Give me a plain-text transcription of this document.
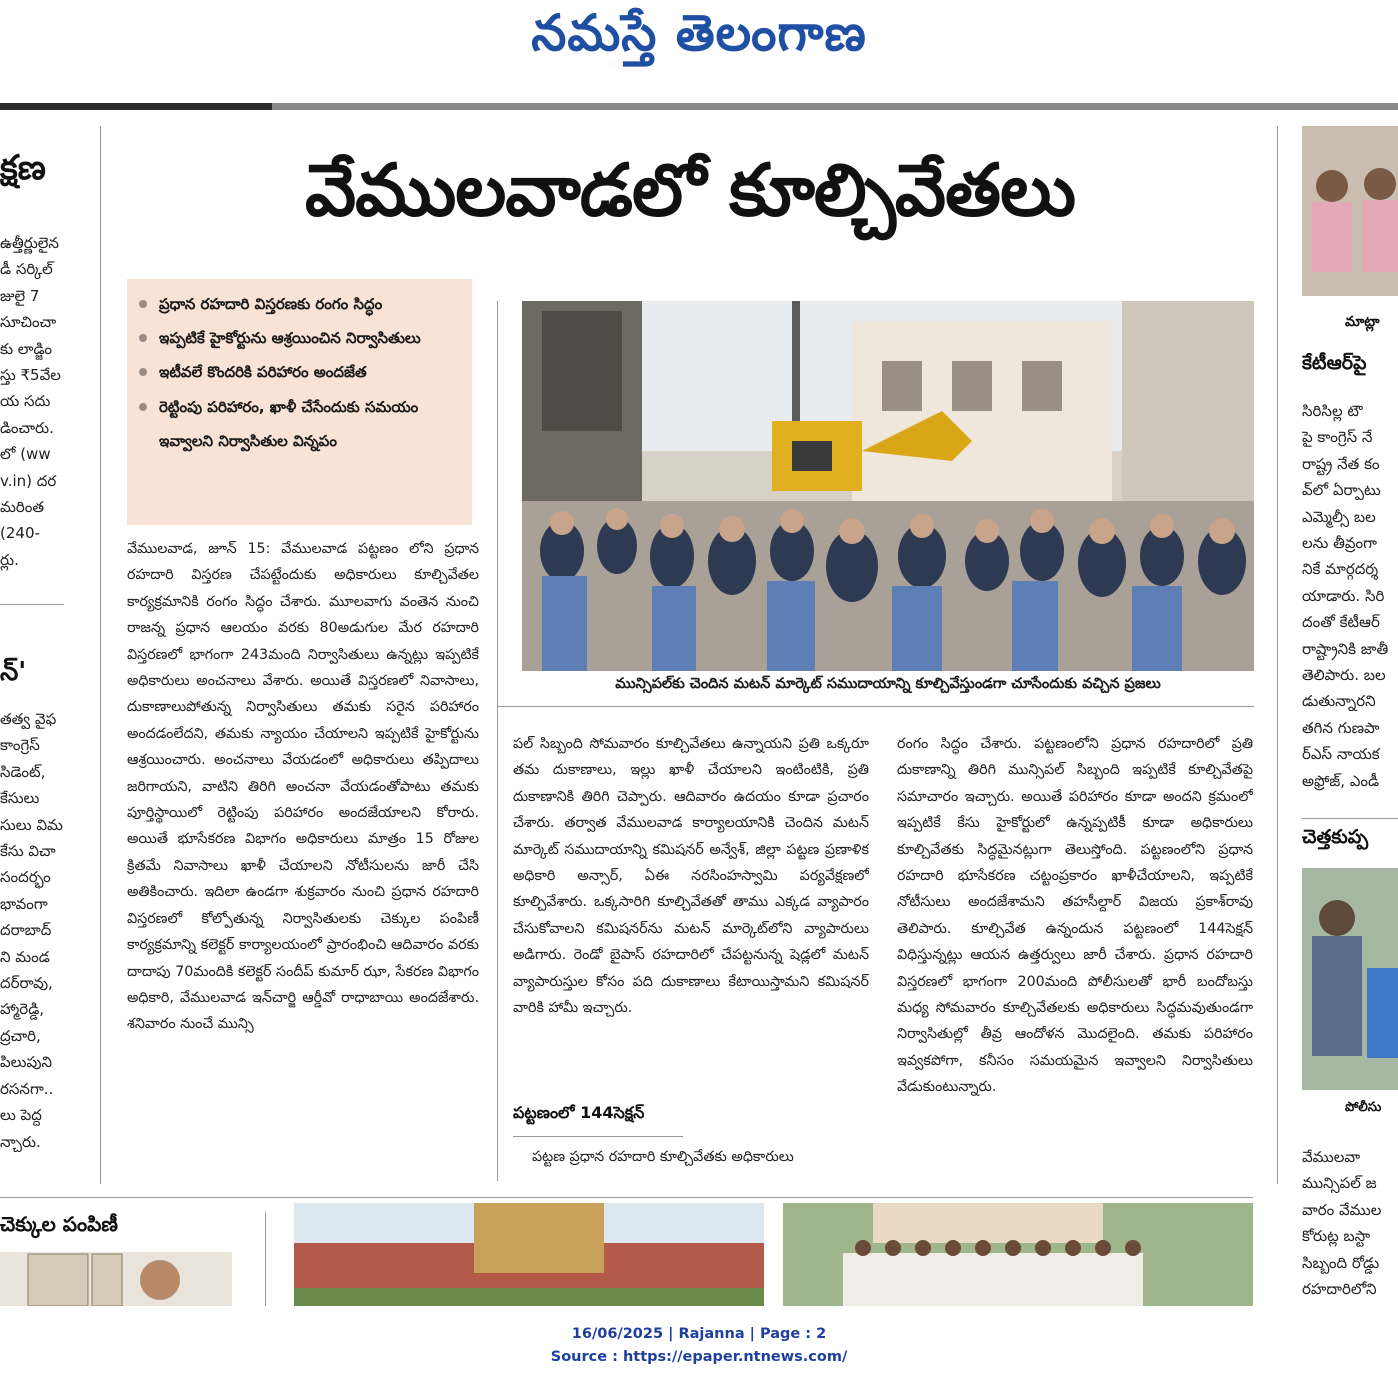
నమస్తే తెలంగాణ
క్షణ
ఉత్తీర్ణులైన
డీ సర్కిల్
జులై 7
సూచించా
కు లాడ్జిం
స్తు ₹5వేల
య సదు
డించారు.
లో (ww
v.in) దర
మరింత
(240-
ర్లు.
న్'
తత్వ వైఫ
కాంగ్రెస్
సిడెంట్,
కేసులు
సులు విమ
కేసు విచా
సందర్భం
భావంగా
దరాబాద్
ని మండ
దర్‌రావు,
హ్మారెడ్డి,
ద్రచారి,
పిలుపుని
రసనగా..
లు పెద్ద
న్చారు.
వేములవాడలో కూల్చివేతలు
ప్రధాన రహదారి విస్తరణకు రంగం సిద్ధం
ఇప్పటికే హైకోర్టును ఆశ్రయించిన నిర్వాసితులు
ఇటీవలే కొందరికి పరిహారం అందజేత
రెట్టింపు పరిహారం, ఖాళీ చేసేందుకు సమయం ఇవ్వాలని నిర్వాసితుల విన్నపం
మున్సిపల్‌కు చెందిన మటన్ మార్కెట్ సముదాయాన్ని కూల్చివేస్తుండగా చూసేందుకు వచ్చిన ప్రజలు

వేములవాడ, జూన్ 15: వేములవాడ పట్టణం లోని ప్రధాన రహదారి విస్తరణ చేపట్టేందుకు అధికారులు కూల్చివేతల కార్యక్రమానికి రంగం సిద్ధం చేశారు. మూలవాగు వంతెన నుంచి రాజన్న ప్రధాన ఆలయం వరకు 80అడుగుల మేర రహదారి విస్తరణలో భాగంగా 243మంది నిర్వాసితులు ఉన్నట్లు ఇప్పటికే అధికారులు అంచనాలు వేశారు. అయితే విస్తరణలో నివాసాలు, దుకాణాలుపోతున్న నిర్వాసితులు తమకు సరైన పరిహారం అందడంలేదని, తమకు న్యాయం చేయాలని ఇప్పటికే హైకోర్టును ఆశ్రయించారు. అంచనాలు వేయడంలో అధికారులు తప్పిదాలు జరిగాయని, వాటిని తిరిగి అంచనా వేయడంతోపాటు తమకు పూర్తిస్థాయిలో రెట్టింపు పరిహారం అందజేయాలని కోరారు. అయితే భూసేకరణ విభాగం అధికారులు మాత్రం 15 రోజుల క్రితమే నివాసాలు ఖాళీ చేయాలని నోటీసులను జారీ చేసి అతికించారు. ఇదిలా ఉండగా శుక్రవారం నుంచి ప్రధాన రహదారి విస్తరణలో కోల్పోతున్న నిర్వాసితులకు చెక్కుల పంపిణీ కార్యక్రమాన్ని కలెక్టర్ కార్యాలయంలో ప్రారంభించి ఆదివారం వరకు దాదాపు 70మందికి కలెక్టర్ సందీప్ కుమార్ ఝా, సేకరణ విభాగం అధికారి, వేములవాడ ఇన్‌చార్జి ఆర్డీవో రాధాబాయి అందజేశారు. శనివారం నుంచే మున్సి

పల్ సిబ్బంది సోమవారం కూల్చివేతలు ఉన్నాయని ప్రతి ఒక్కరూ తమ దుకాణాలు, ఇల్లు ఖాళీ చేయాలని ఇంటింటికి, ప్రతి దుకాణానికి తిరిగి చెప్పారు. ఆదివారం ఉదయం కూడా ప్రచారం చేశారు. తర్వాత వేములవాడ కార్యాలయానికి చెందిన మటన్ మార్కెట్ సముదాయాన్ని కమిషనర్ అన్వేశ్, జిల్లా పట్టణ ప్రణాళిక అధికారి అన్సార్, ఏఈ నరసింహస్వామి పర్యవేక్షణలో కూల్చివేశారు. ఒక్కసారిగి కూల్చివేతతో తాము ఎక్కడ వ్యాపారం చేసుకోవాలని కమిషనర్‌ను మటన్ మార్కెట్‌లోని వ్యాపారులు అడిగారు. రెండో బైపాస్ రహదారిలో చేపట్టనున్న షెడ్లలో మటన్ వ్యాపారుస్తుల కోసం పది దుకాణాలు కేటాయిస్తామని కమిషనర్ వారికి హామీ ఇచ్చారు.

పట్టణంలో 144సెక్షన్
పట్టణ ప్రధాన రహదారి కూల్చివేతకు అధికారులు

రంగం సిద్ధం చేశారు. పట్టణంలోని ప్రధాన రహదారిలో ప్రతి దుకాణాన్ని తిరిగి మున్సిపల్ సిబ్బంది ఇప్పటికే కూల్చివేతపై సమాచారం ఇచ్చారు. అయితే పరిహారం కూడా అందని క్రమంలో ఇప్పటికే కేసు హైకోర్టులో ఉన్నప్పటికీ కూడా అధికారులు కూల్చివేతకు సిద్ధమైనట్లుగా తెలుస్తోంది. పట్టణంలోని ప్రధాన రహదారి భూసేకరణ చట్టంప్రకారం ఖాళీచేయాలని, ఇప్పటికే నోటీసులు అందజేశామని తహసీల్దార్ విజయ ప్రకాశ్‌రావు తెలిపారు. కూల్చివేత ఉన్నందున పట్టణంలో 144సెక్షన్ విధిస్తున్నట్లు ఆయన ఉత్తర్వులు జారీ చేశారు. ప్రధాన రహదారి విస్తరణలో భాగంగా 200మంది పోలీసులతో భారీ బందోబస్తు మధ్య సోమవారం కూల్చివేతలకు అధికారులు సిద్ధమవుతుండగా నిర్వాసితుల్లో తీవ్ర ఆందోళన మొదలైంది. తమకు పరిహారం ఇవ్వకపోగా, కనీసం సమయమైన ఇవ్వాలని నిర్వాసితులు వేడుకుంటున్నారు.

మాట్లా
కేటీఆర్‌పై
సిరిసిల్ల టౌ
పై కాంగ్రెస్ నే
రాష్ట్ర నేత కం
వ్‌లో ఏర్పాటు
ఎమ్మెల్సీ బల
లను తీవ్రంగా
నికే మార్గదర్శ
యాడారు. సిరి
దంతో కేటీఆర్
రాష్ట్రానికి జాతీ
తెలిపారు. బల
డుతున్నారని
తగిన గుణపా
ర్‌ఎస్ నాయక
అఫ్రోజ్, ఎండీ
చెత్తకుప్ప
పోలీసు
వేములవా
మున్సిపల్ జ
వారం వేముల
కోరుట్ల బస్టా
సిబ్బంది రోడ్డు
రహదారిలోని
చెక్కుల పంపిణీ
16/06/2025 | Rajanna | Page : 2
Source : https://epaper.ntnews.com/
